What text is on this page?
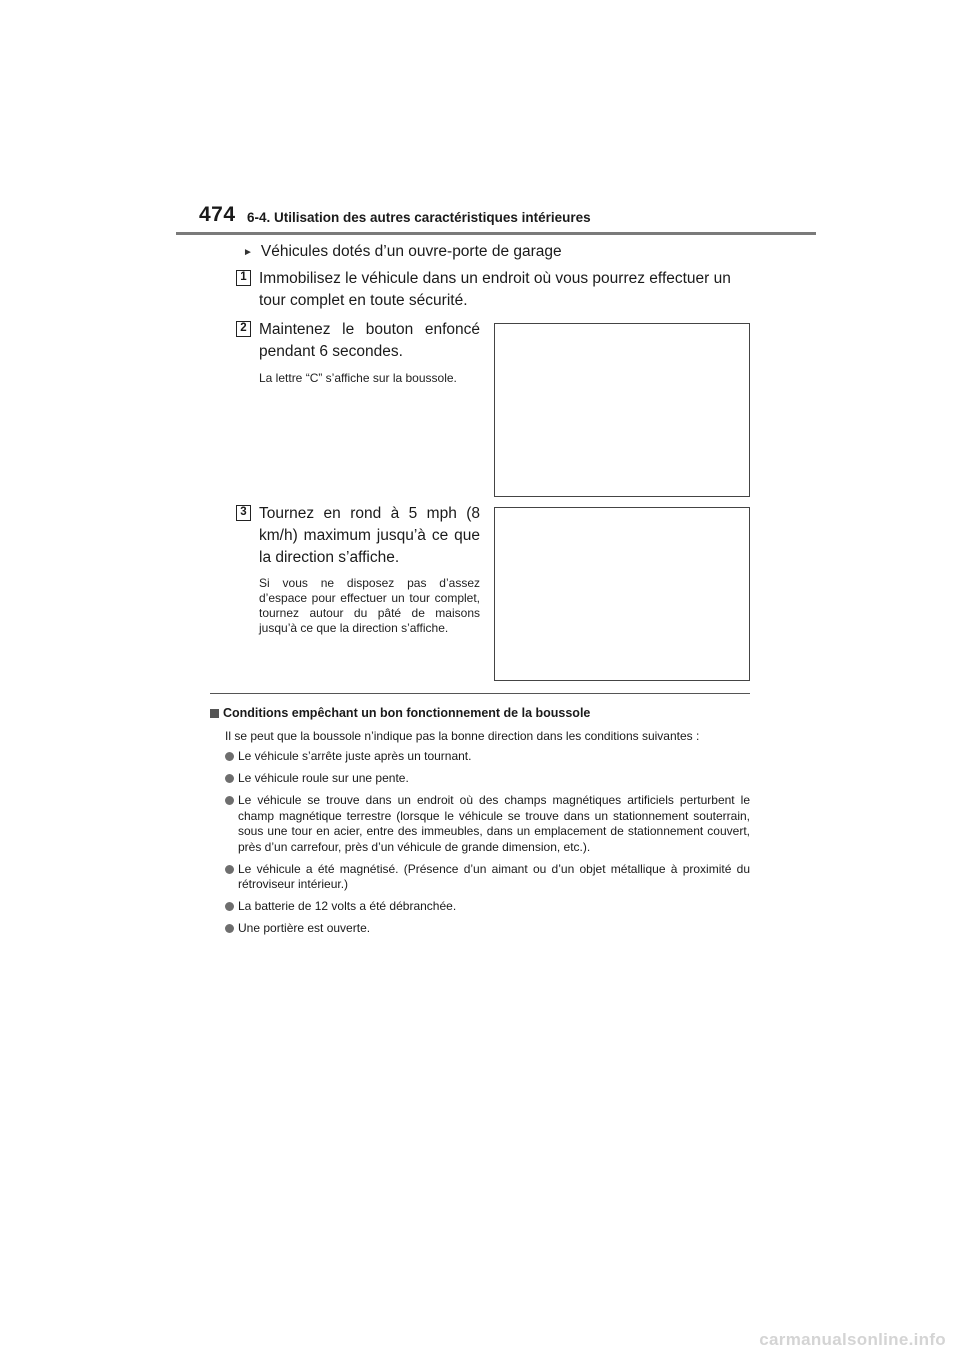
474 6-4. Utilisation des autres caractéristiques intérieures
► Véhicules dotés d’un ouvre-porte de garage
1 Immobilisez le véhicule dans un endroit où vous pourrez effectuer un tour complet en toute sécurité.
2 Maintenez le bouton enfoncé pendant 6 secondes.
La lettre “C” s’affiche sur la boussole.
3 Tournez en rond à 5 mph (8 km/h) maximum jusqu’à ce que la direction s’affiche.
Si vous ne disposez pas d’assez d’espace pour effectuer un tour complet, tournez autour du pâté de maisons jusqu’à ce que la direction s’affiche.
Conditions empêchant un bon fonctionnement de la boussole
Il se peut que la boussole n’indique pas la bonne direction dans les conditions suivantes :
Le véhicule s’arrête juste après un tournant.
Le véhicule roule sur une pente.
Le véhicule se trouve dans un endroit où des champs magnétiques artificiels perturbent le champ magnétique terrestre (lorsque le véhicule se trouve dans un stationnement souterrain, sous une tour en acier, entre des immeubles, dans un emplacement de stationnement couvert, près d’un carrefour, près d’un véhicule de grande dimension, etc.).
Le véhicule a été magnétisé. (Présence d’un aimant ou d’un objet métallique à proximité du rétroviseur intérieur.)
La batterie de 12 volts a été débranchée.
Une portière est ouverte.
carmanualsonline.info
